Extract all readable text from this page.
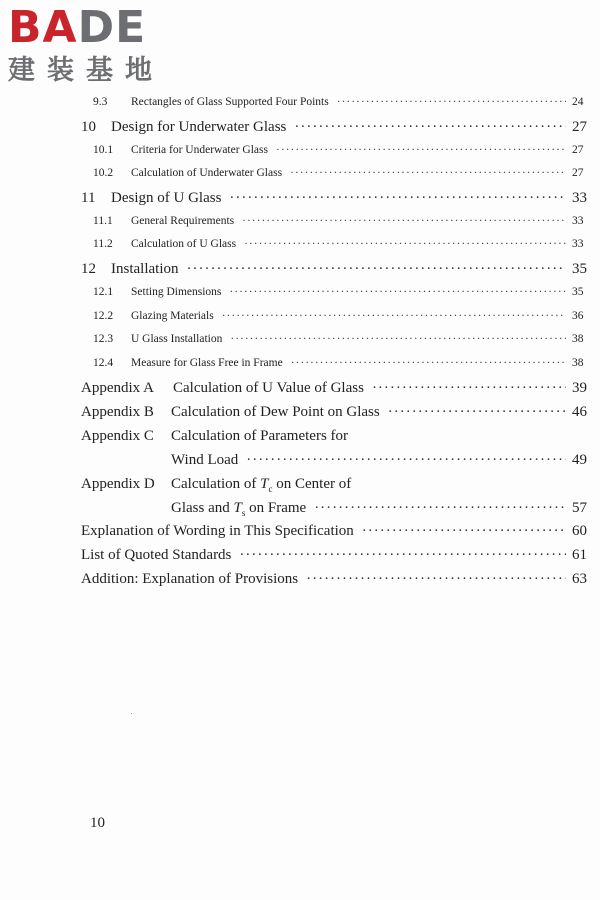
BADE
建装基地
9.3	Rectangles of Glass Supported Four Points ·····	24
10	Design for Underwater Glass ·····	27
10.1	Criteria for Underwater Glass ·····	27
10.2	Calculation of Underwater Glass ·····	27
11	Design of U Glass ·····	33
11.1	General Requirements ·····	33
11.2	Calculation of U Glass ·····	33
12	Installation ·····	35
12.1	Setting Dimensions ·····	35
12.2	Glazing Materials ·····	36
12.3	U Glass Installation ·····	38
12.4	Measure for Glass Free in Frame ·····	38
Appendix A	Calculation of U Value of Glass ·····	39
Appendix B	Calculation of Dew Point on Glass ·····	46
Appendix C	Calculation of Parameters for
Wind Load ·····	49
Appendix D	Calculation of $T_c$ on Center of
Glass and $T_s$ on Frame ·····	57
Explanation of Wording in This Specification ·····	60
List of Quoted Standards ·····	61
Addition: Explanation of Provisions ·····	63
10
